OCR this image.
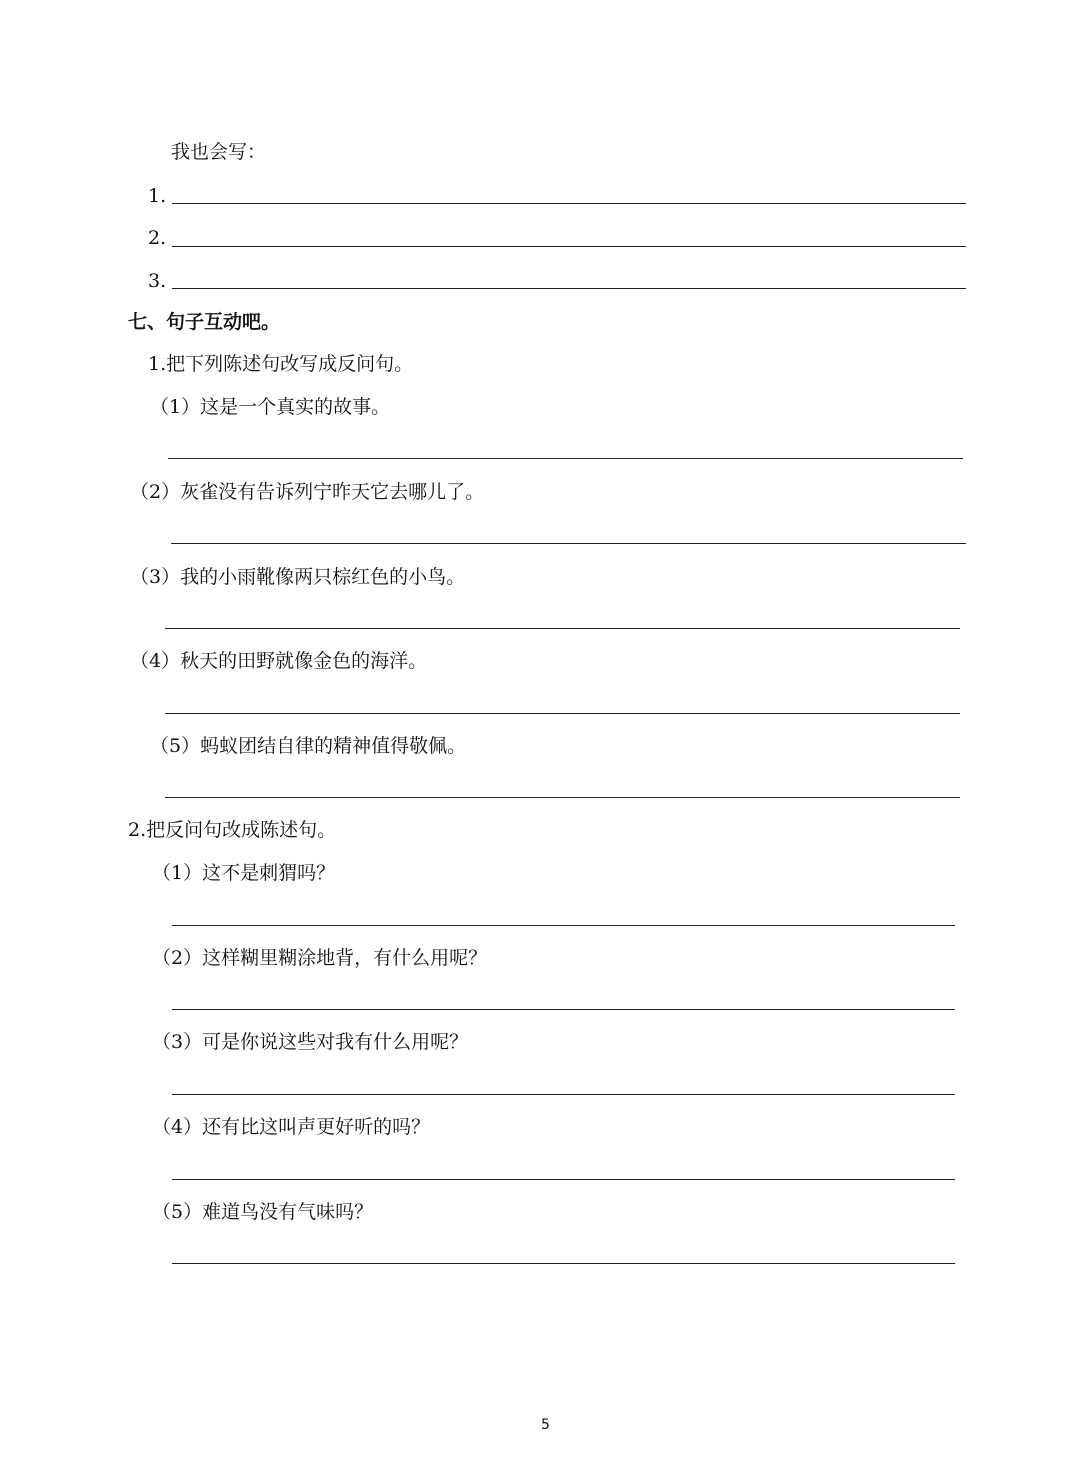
我也会写：
1.
2.
3.
七、句子互动吧。
1.把下列陈述句改写成反问句。
（1）这是一个真实的故事。
（2）灰雀没有告诉列宁昨天它去哪儿了。
（3）我的小雨靴像两只棕红色的小鸟。
（4）秋天的田野就像金色的海洋。
（5）蚂蚁团结自律的精神值得敬佩。
2.把反问句改成陈述句。
（1）这不是刺猬吗？
（2）这样糊里糊涂地背，有什么用呢？
（3）可是你说这些对我有什么用呢？
（4）还有比这叫声更好听的吗？
（5）难道鸟没有气味吗？
5
